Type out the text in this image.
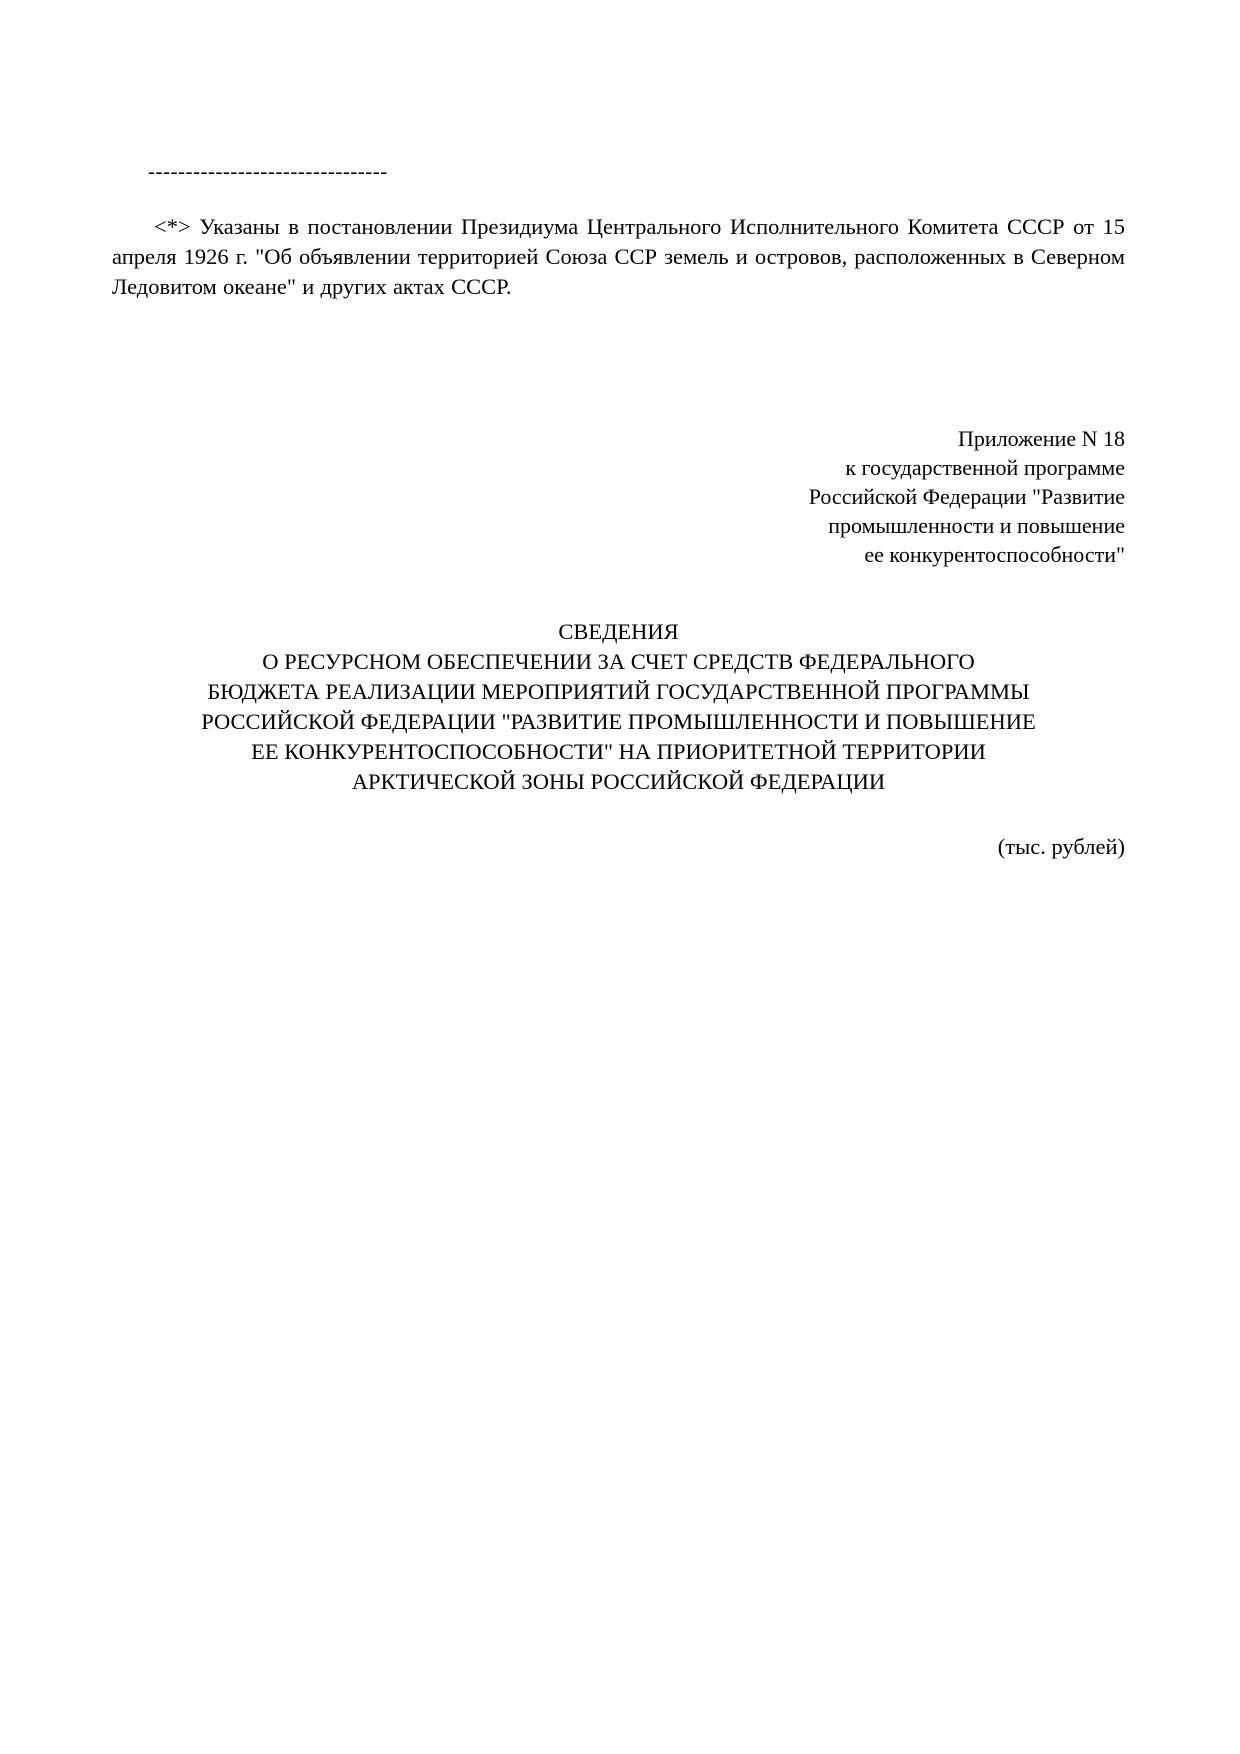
--------------------------------

<*> Указаны в постановлении Президиума Центрального Исполнительного Комитета СССР от 15 апреля 1926 г. "Об объявлении территорией Союза ССР земель и островов, расположенных в Северном Ледовитом океане" и других актах СССР.

Приложение N 18
к государственной программе
Российской Федерации "Развитие
промышленности и повышение
ее конкурентоспособности"
СВЕДЕНИЯ
О РЕСУРСНОМ ОБЕСПЕЧЕНИИ ЗА СЧЕТ СРЕДСТВ ФЕДЕРАЛЬНОГО
БЮДЖЕТА РЕАЛИЗАЦИИ МЕРОПРИЯТИЙ ГОСУДАРСТВЕННОЙ ПРОГРАММЫ
РОССИЙСКОЙ ФЕДЕРАЦИИ "РАЗВИТИЕ ПРОМЫШЛЕННОСТИ И ПОВЫШЕНИЕ
ЕЕ КОНКУРЕНТОСПОСОБНОСТИ" НА ПРИОРИТЕТНОЙ ТЕРРИТОРИИ
АРКТИЧЕСКОЙ ЗОНЫ РОССИЙСКОЙ ФЕДЕРАЦИИ
(тыс. рублей)
